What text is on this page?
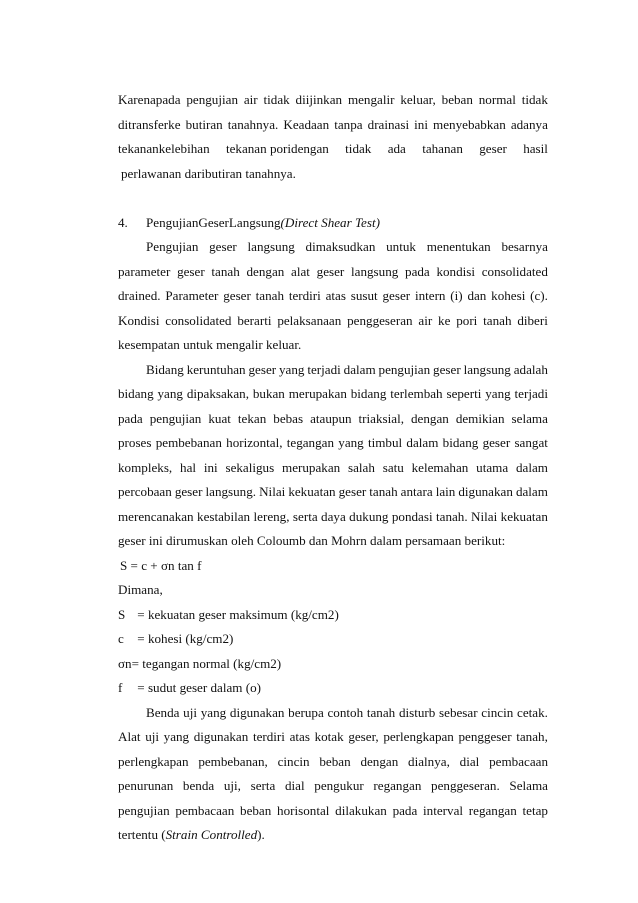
Karenapada pengujian air tidak diijinkan mengalir keluar, beban normal tidak
ditransferke butiran tanahnya. Keadaan tanpa drainasi ini menyebabkan adanya
tekanankelebihan tekanan poridengan tidak ada tahanan geser hasil
perlawanan daributiran tanahnya.
4. PengujianGeserLangsung(Direct Shear Test)
Pengujian geser langsung dimaksudkan untuk menentukan besarnya
parameter geser tanah dengan alat geser langsung pada kondisi consolidated
drained. Parameter geser tanah terdiri atas susut geser intern (i) dan kohesi (c).
Kondisi consolidated berarti pelaksanaan penggeseran air ke pori tanah diberi
kesempatan untuk mengalir keluar.
Bidang keruntuhan geser yang terjadi dalam pengujian geser langsung adalah
bidang yang dipaksakan, bukan merupakan bidang terlembah seperti yang terjadi
pada pengujian kuat tekan bebas ataupun triaksial, dengan demikian selama
proses pembebanan horizontal, tegangan yang timbul dalam bidang geser sangat
kompleks, hal ini sekaligus merupakan salah satu kelemahan utama dalam
percobaan geser langsung. Nilai kekuatan geser tanah antara lain digunakan dalam
merencanakan kestabilan lereng, serta daya dukung pondasi tanah. Nilai kekuatan
geser ini dirumuskan oleh Coloumb dan Mohrn dalam persamaan berikut:
S = c + σn tan f
Dimana,
S = kekuatan geser maksimum (kg/cm2)
c = kohesi (kg/cm2)
σn= tegangan normal (kg/cm2)
f = sudut geser dalam (o)
Benda uji yang digunakan berupa contoh tanah disturb sebesar cincin cetak.
Alat uji yang digunakan terdiri atas kotak geser, perlengkapan penggeser tanah,
perlengkapan pembebanan, cincin beban dengan dialnya, dial pembacaan
penurunan benda uji, serta dial pengukur regangan penggeseran. Selama
pengujian pembacaan beban horisontal dilakukan pada interval regangan tetap
tertentu (Strain Controlled).
